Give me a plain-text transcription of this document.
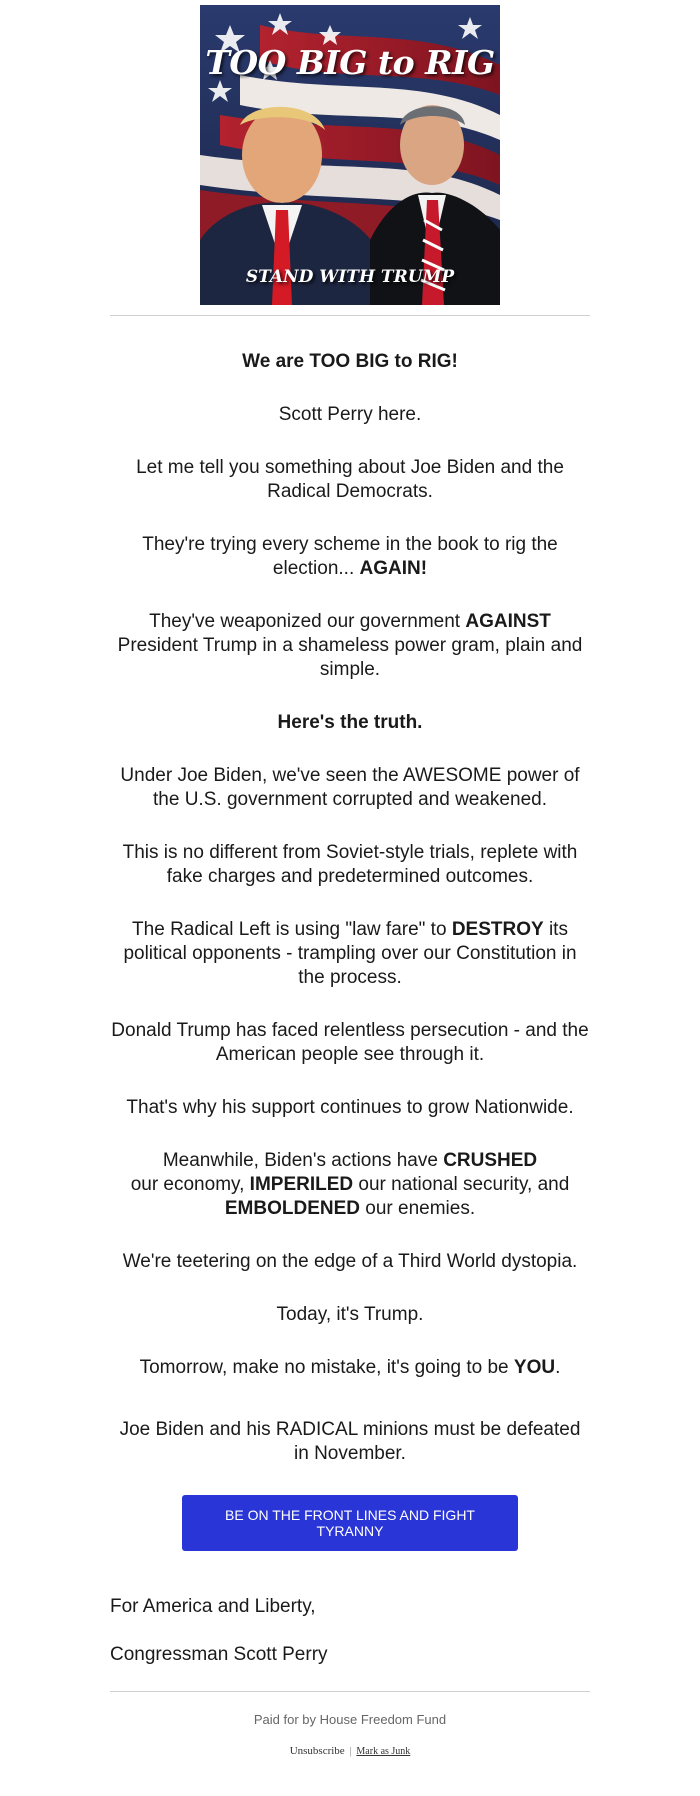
TOO BIG to RIG
STAND WITH TRUMP

We are TOO BIG to RIG!

Scott Perry here.

Let me tell you something about Joe Biden and the Radical Democrats.

They're trying every scheme in the book to rig the election... AGAIN!

They've weaponized our government AGAINST President Trump in a shameless power gram, plain and simple.

Here's the truth.

Under Joe Biden, we've seen the AWESOME power of the U.S. government corrupted and weakened.

This is no different from Soviet-style trials, replete with fake charges and predetermined outcomes.

The Radical Left is using "law fare" to DESTROY its political opponents - trampling over our Constitution in the process.

Donald Trump has faced relentless persecution - and the American people see through it.

That's why his support continues to grow Nationwide.

Meanwhile, Biden's actions have CRUSHED
our economy, IMPERILED our national security, and EMBOLDENED our enemies.

We're teetering on the edge of a Third World dystopia.

Today, it's Trump.

Tomorrow, make no mistake, it's going to be YOU.

Joe Biden and his RADICAL minions must be defeated in November.

BE ON THE FRONT LINES AND FIGHT TYRANNY

For America and Liberty,

Congressman Scott Perry

Paid for by House Freedom Fund
Unsubscribe | Mark as Junk
